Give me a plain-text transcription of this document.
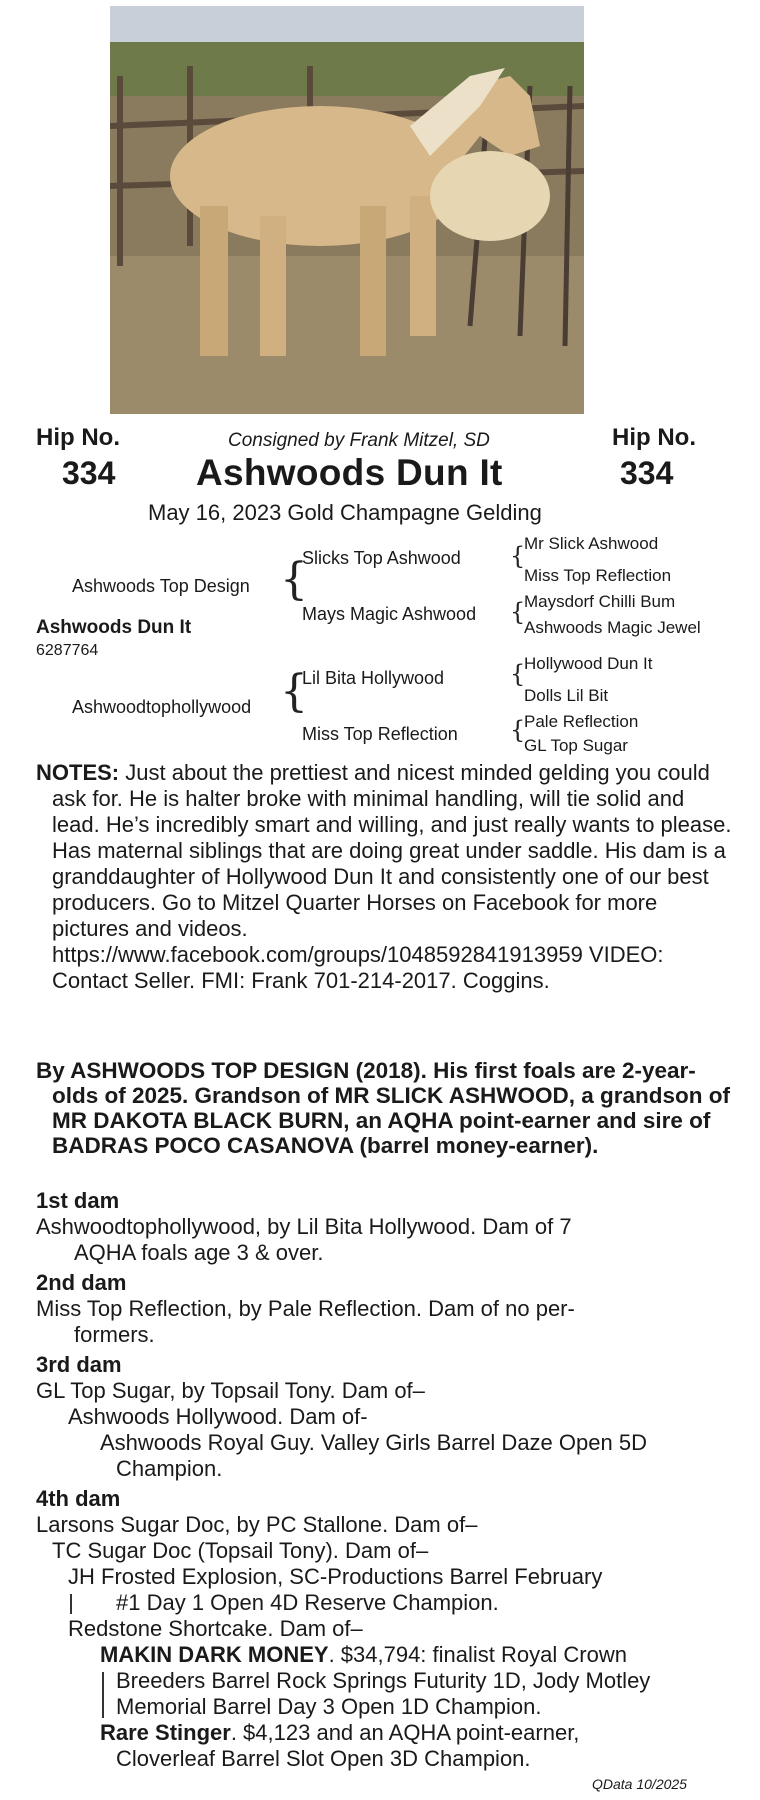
Hip No.	Hip No.
334	334
Consigned by Frank Mitzel, SD
Ashwoods Dun It
May 16, 2023 Gold Champagne Gelding
Ashwoods Top Design
Ashwoods Dun It
6287764
Ashwoodtophollywood
{
{
Slicks Top Ashwood
Mays Magic Ashwood
Lil Bita Hollywood
Miss Top Reflection
{
{
{
{
Mr Slick Ashwood
Miss Top Reflection
Maysdorf Chilli Bum
Ashwoods Magic Jewel
Hollywood Dun It
Dolls Lil Bit
Pale Reflection
GL Top Sugar
NOTES: Just about the prettiest and nicest minded gelding you could ask for. He is halter broke with minimal handling, will tie solid and lead. He’s incredibly smart and willing, and just really wants to please. Has maternal siblings that are doing great under saddle. His dam is a granddaughter of Hollywood Dun It and consistently one of our best producers. Go to Mitzel Quarter Horses on Facebook for more pictures and videos. https://www.facebook.com/groups/1048592841913959 VIDEO: Contact Seller. FMI: Frank 701-214-2017. Coggins.
By ASHWOODS TOP DESIGN (2018). His first foals are 2-year-olds of 2025. Grandson of MR SLICK ASHWOOD, a grandson of MR DAKOTA BLACK BURN, an AQHA point-earner and sire of BADRAS POCO CASANOVA (barrel money-earner).
1st dam
Ashwoodtophollywood, by Lil Bita Hollywood. Dam of 7
AQHA foals age 3 & over.
2nd dam
Miss Top Reflection, by Pale Reflection. Dam of no per-
formers.
3rd dam
GL Top Sugar, by Topsail Tony. Dam of–
Ashwoods Hollywood. Dam of-
Ashwoods Royal Guy. Valley Girls Barrel Daze Open 5D
Champion.
4th dam
Larsons Sugar Doc, by PC Stallone. Dam of–
TC Sugar Doc (Topsail Tony). Dam of–
JH Frosted Explosion, SC-Productions Barrel February
#1 Day 1 Open 4D Reserve Champion.
Redstone Shortcake. Dam of–
MAKIN DARK MONEY. $34,794: finalist Royal Crown
Breeders Barrel Rock Springs Futurity 1D, Jody Motley
Memorial Barrel Day 3 Open 1D Champion.
Rare Stinger. $4,123 and an AQHA point-earner,
Cloverleaf Barrel Slot Open 3D Champion.
QData 10/2025
